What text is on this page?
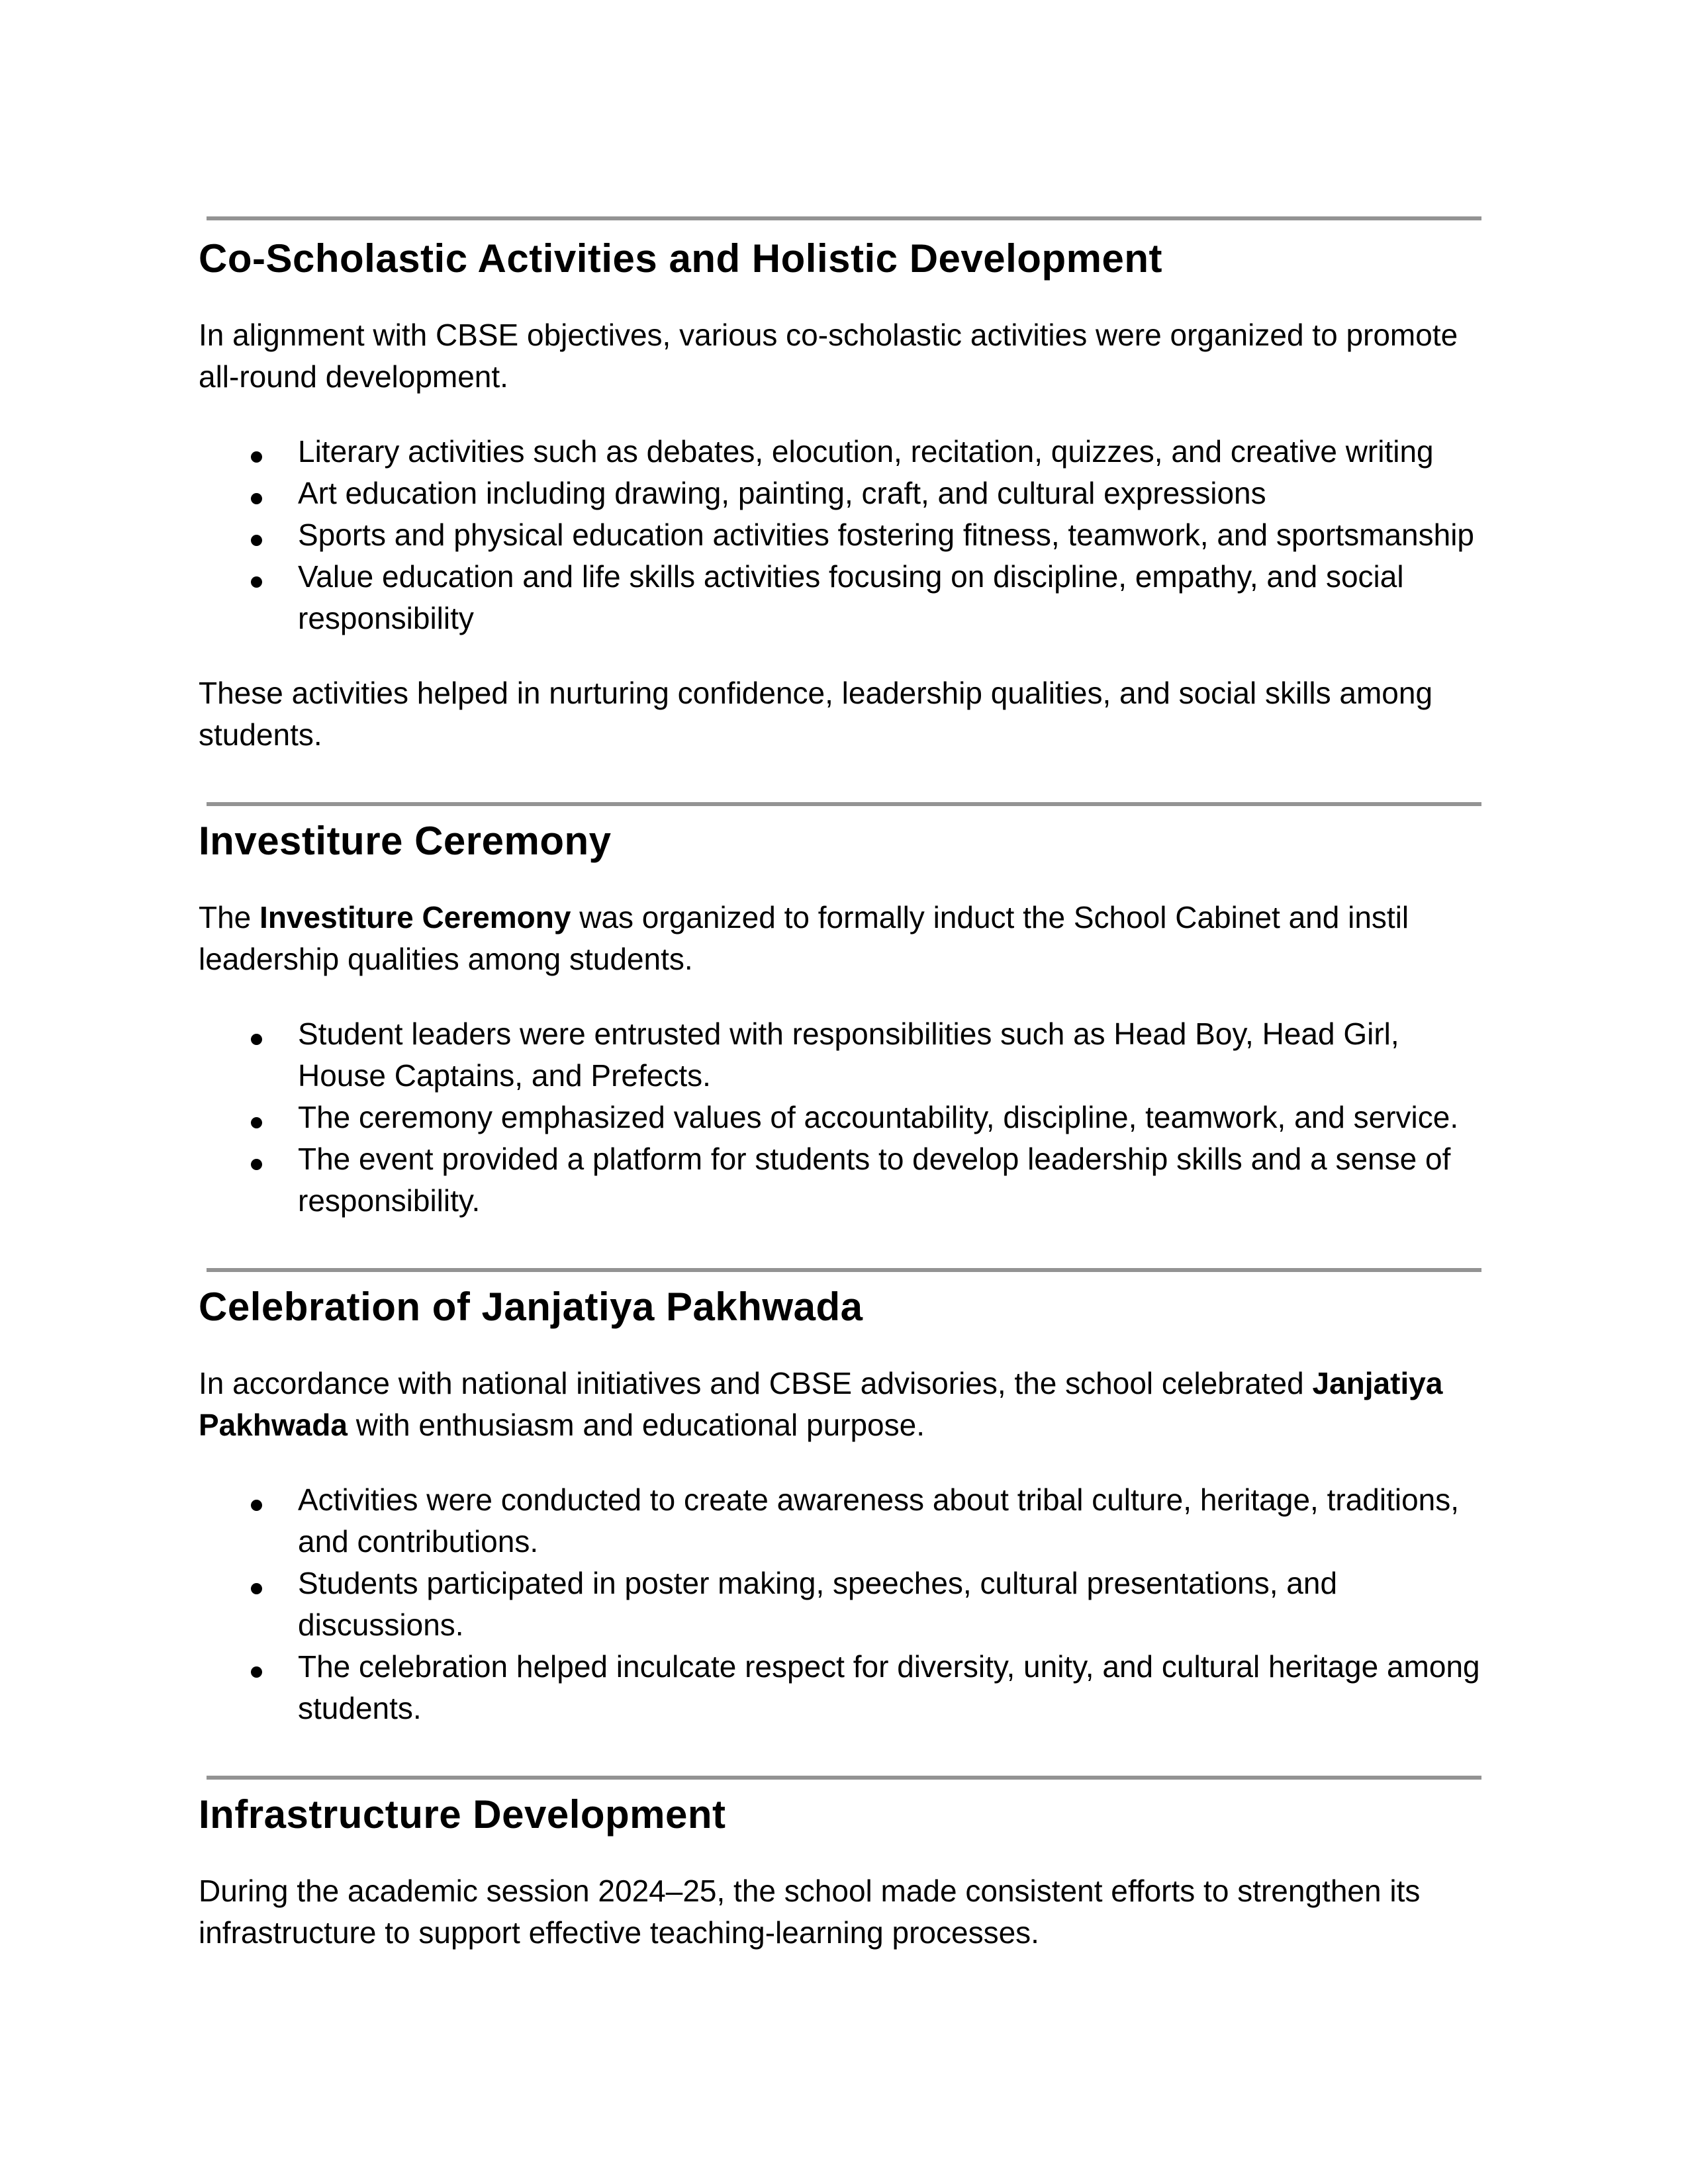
Co-Scholastic Activities and Holistic Development

In alignment with CBSE objectives, various co-scholastic activities were organized to promote all-round development.

Literary activities such as debates, elocution, recitation, quizzes, and creative writing
Art education including drawing, painting, craft, and cultural expressions
Sports and physical education activities fostering fitness, teamwork, and sportsmanship
Value education and life skills activities focusing on discipline, empathy, and social responsibility

These activities helped in nurturing confidence, leadership qualities, and social skills among students.

Investiture Ceremony

The Investiture Ceremony was organized to formally induct the School Cabinet and instil leadership qualities among students.

Student leaders were entrusted with responsibilities such as Head Boy, Head Girl, House Captains, and Prefects.
The ceremony emphasized values of accountability, discipline, teamwork, and service.
The event provided a platform for students to develop leadership skills and a sense of responsibility.
Celebration of Janjatiya Pakhwada

In accordance with national initiatives and CBSE advisories, the school celebrated Janjatiya Pakhwada with enthusiasm and educational purpose.

Activities were conducted to create awareness about tribal culture, heritage, traditions, and contributions.
Students participated in poster making, speeches, cultural presentations, and discussions.
The celebration helped inculcate respect for diversity, unity, and cultural heritage among students.
Infrastructure Development

During the academic session 2024–25, the school made consistent efforts to strengthen its infrastructure to support effective teaching-learning processes.
